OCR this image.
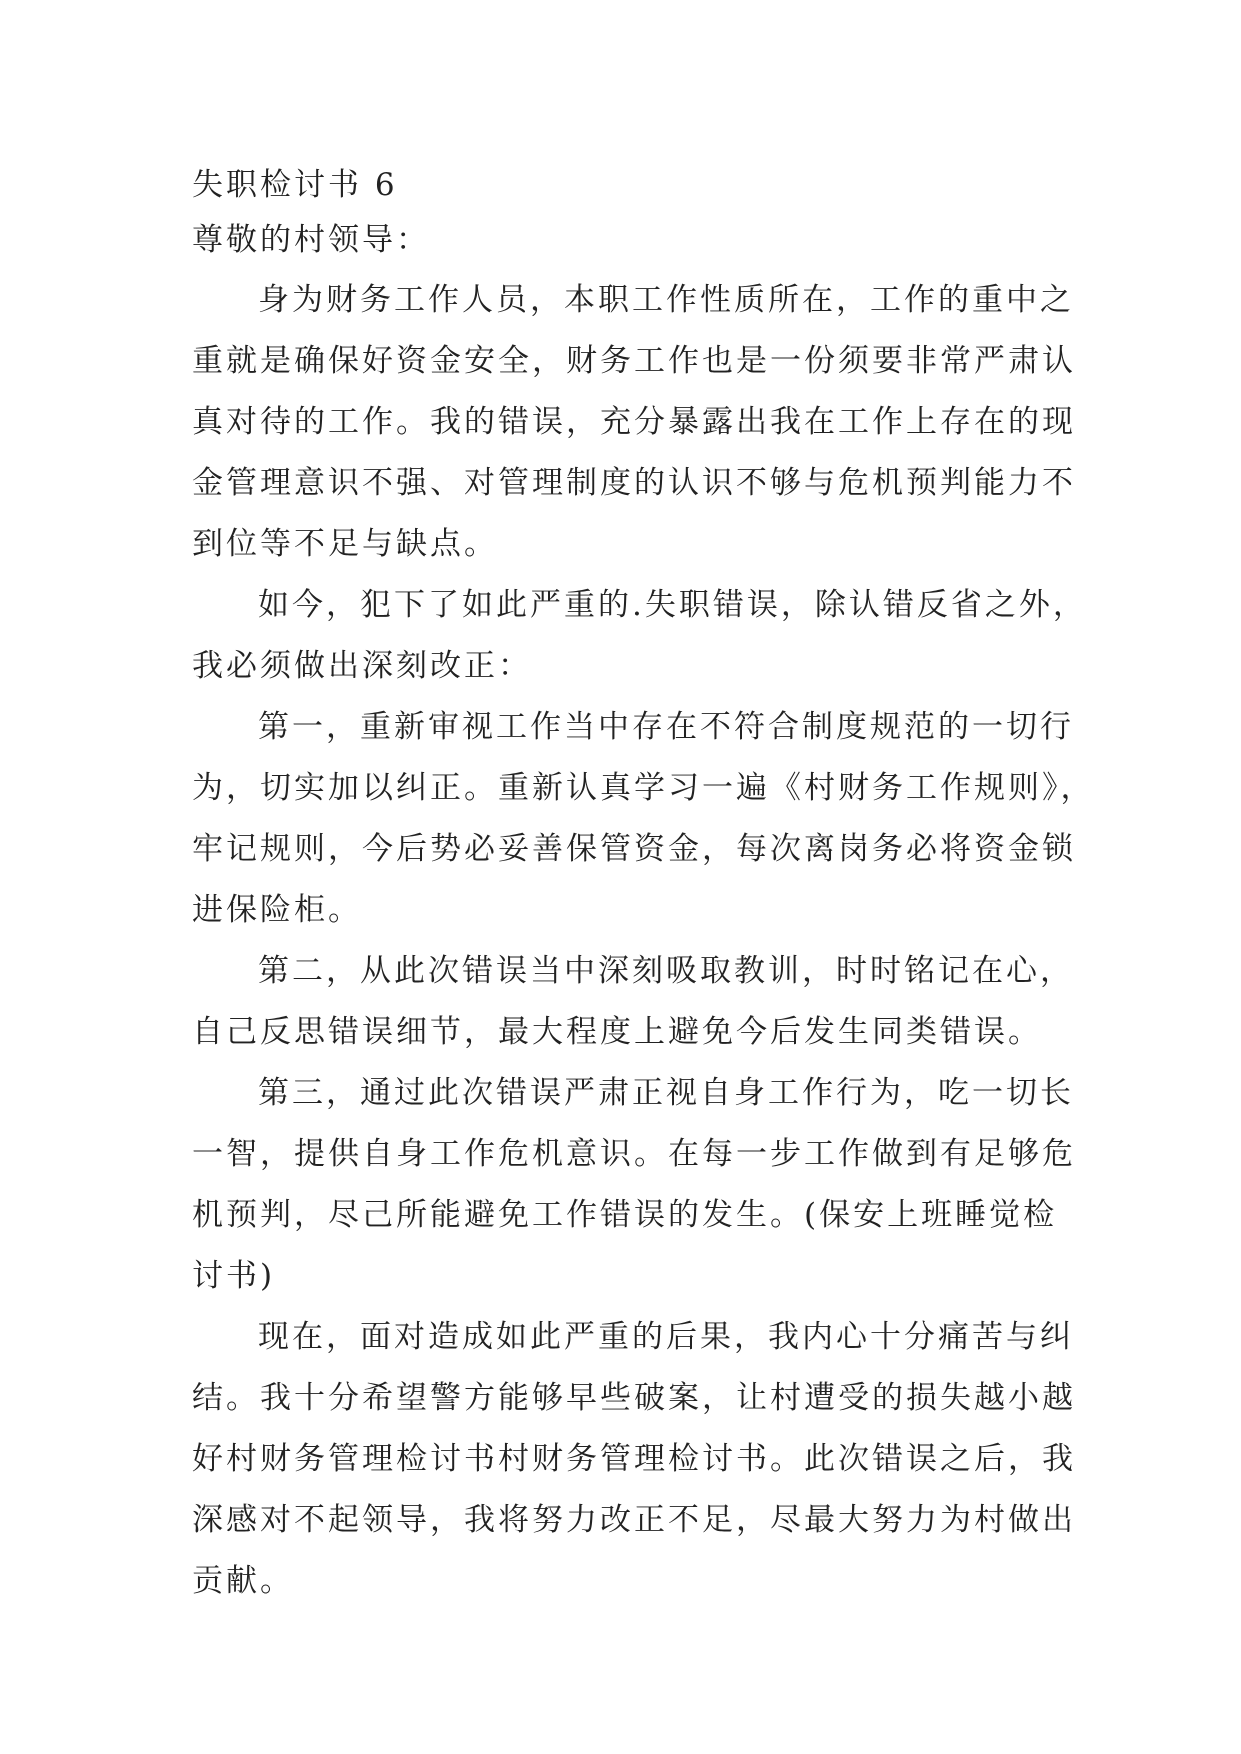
失职检讨书 6
尊敬的村领导：
身为财务工作人员，本职工作性质所在，工作的重中之
重就是确保好资金安全，财务工作也是一份须要非常严肃认
真对待的工作。我的错误，充分暴露出我在工作上存在的现
金管理意识不强、对管理制度的认识不够与危机预判能力不
到位等不足与缺点。
如今，犯下了如此严重的.失职错误，除认错反省之外，
我必须做出深刻改正：
第一，重新审视工作当中存在不符合制度规范的一切行
为，切实加以纠正。重新认真学习一遍《村财务工作规则》，
牢记规则，今后势必妥善保管资金，每次离岗务必将资金锁
进保险柜。
第二，从此次错误当中深刻吸取教训，时时铭记在心，
自己反思错误细节，最大程度上避免今后发生同类错误。
第三，通过此次错误严肃正视自身工作行为，吃一切长
一智，提供自身工作危机意识。在每一步工作做到有足够危
机预判，尽己所能避免工作错误的发生。(保安上班睡觉检
讨书)
现在，面对造成如此严重的后果，我内心十分痛苦与纠
结。我十分希望警方能够早些破案，让村遭受的损失越小越
好村财务管理检讨书村财务管理检讨书。此次错误之后，我
深感对不起领导，我将努力改正不足，尽最大努力为村做出
贡献。
